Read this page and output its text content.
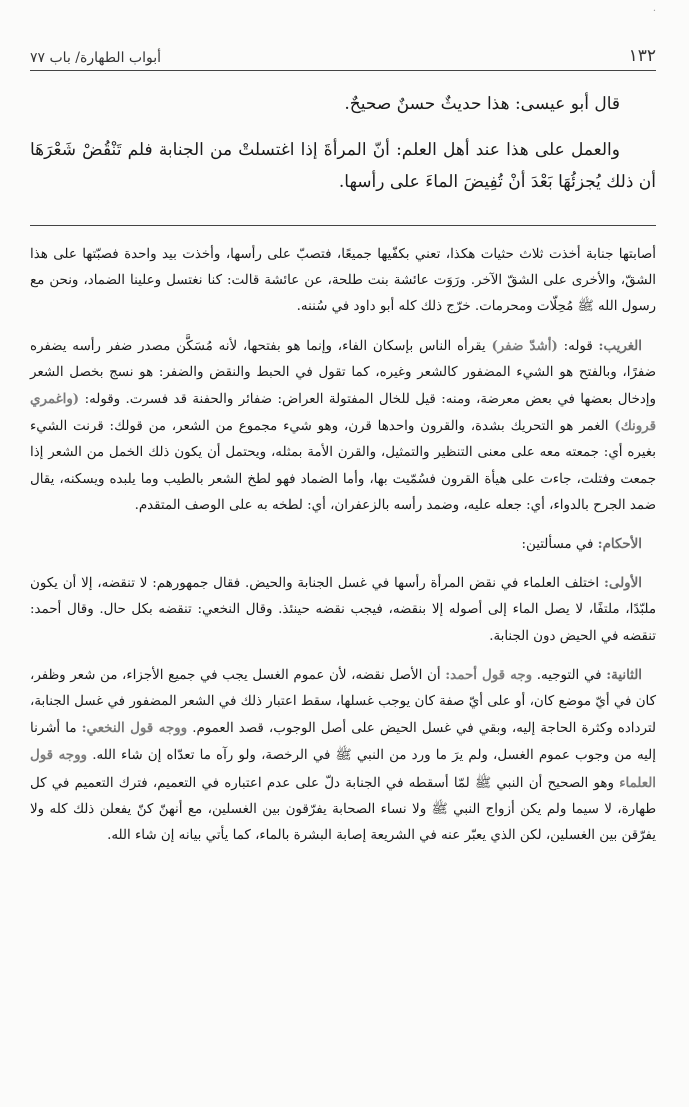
·
١٣٢
أبواب الطهارة/ باب ٧٧

قال أبو عيسى: هذا حديثٌ حسنٌ صحيحٌ.

والعمل على هذا عند أهل العلم: أنّ المرأةَ إذا اغتسلتْ من الجنابة فلم تَنْقُضْ شَعْرَهَا أن ذلك يُجزئُهَا بَعْدَ أنْ تُفِيضَ الماءَ على رأسها.

أصابتها جنابة أخذت ثلاث حثيات هكذا، تعني بكفّيها جميعًا، فتصبّ على رأسها، وأخذت بيد واحدة فصبّتها على هذا الشقّ، والأخرى على الشقّ الآخر. ورَوَت عائشة بنت طلحة، عن عائشة قالت: كنا نغتسل وعلينا الضماد، ونحن مع رسول الله ﷺ مُحِلّات ومحرمات. خرّج ذلك كله أبو داود في سُننه.

الغريب: قوله: (أشدّ ضفر) يقرأه الناس بإسكان الفاء، وإنما هو بفتحها، لأنه مُسَكَّن مصدر ضفر رأسه يضفره ضفرًا، وبالفتح هو الشيء المضفور كالشعر وغيره، كما تقول في الحبط والنقض والضفر: هو نسج بخصل الشعر وإدخال بعضها في بعض معرضة، ومنه: قيل للخال المفتولة العراض: ضفائر والحفنة قد فسرت. وقوله: (واغمري قرونك) الغمر هو التحريك بشدة، والقرون واحدها قرن، وهو شيء مجموع من الشعر، من قولك: قرنت الشيء بغيره أي: جمعته معه على معنى التنظير والتمثيل، والقرن الأمة بمثله، ويحتمل أن يكون ذلك الخمل من الشعر إذا جمعت وفتلت، جاءت على هيأة القرون فسُمّيت بها، وأما الضماد فهو لطخ الشعر بالطيب وما يلبده ويسكنه، يقال ضمد الجرح بالدواء، أي: جعله عليه، وضمد رأسه بالزعفران، أي: لطخه به على الوصف المتقدم.

الأحكام: في مسألتين:

الأولى: اختلف العلماء في نقض المرأة رأسها في غسل الجنابة والحيض. فقال جمهورهم: لا تنقضه، إلا أن يكون ملبّدًا، ملتفًا، لا يصل الماء إلى أصوله إلا بنقضه، فيجب نقضه حينئذ. وقال النخعي: تنقضه بكل حال. وقال أحمد: تنقضه في الحيض دون الجنابة.

الثانية: في التوجيه. وجه قول أحمد: أن الأصل نقضه، لأن عموم الغسل يجب في جميع الأجزاء، من شعر وظفر، كان في أيّ موضع كان، أو على أيّ صفة كان يوجب غسلها، سقط اعتبار ذلك في الشعر المضفور في غسل الجنابة، لترداده وكثرة الحاجة إليه، وبقي في غسل الحيض على أصل الوجوب، قصد العموم. ووجه قول النخعي: ما أشرنا إليه من وجوب عموم الغسل، ولم يرَ ما ورد من النبي ﷺ في الرخصة، ولو رآه ما تعدّاه إن شاء الله. ووجه قول العلماء وهو الصحيح أن النبي ﷺ لمّا أسقطه في الجنابة دلّ على عدم اعتباره في التعميم، فترك التعميم في كل طهارة، لا سيما ولم يكن أزواج النبي ﷺ ولا نساء الصحابة يفرّقون بين الغسلين، مع أنهنّ كنّ يفعلن ذلك كله ولا يفرّقن بين الغسلين، لكن الذي يعبّر عنه في الشريعة إصابة البشرة بالماء، كما يأتي بيانه إن شاء الله.
